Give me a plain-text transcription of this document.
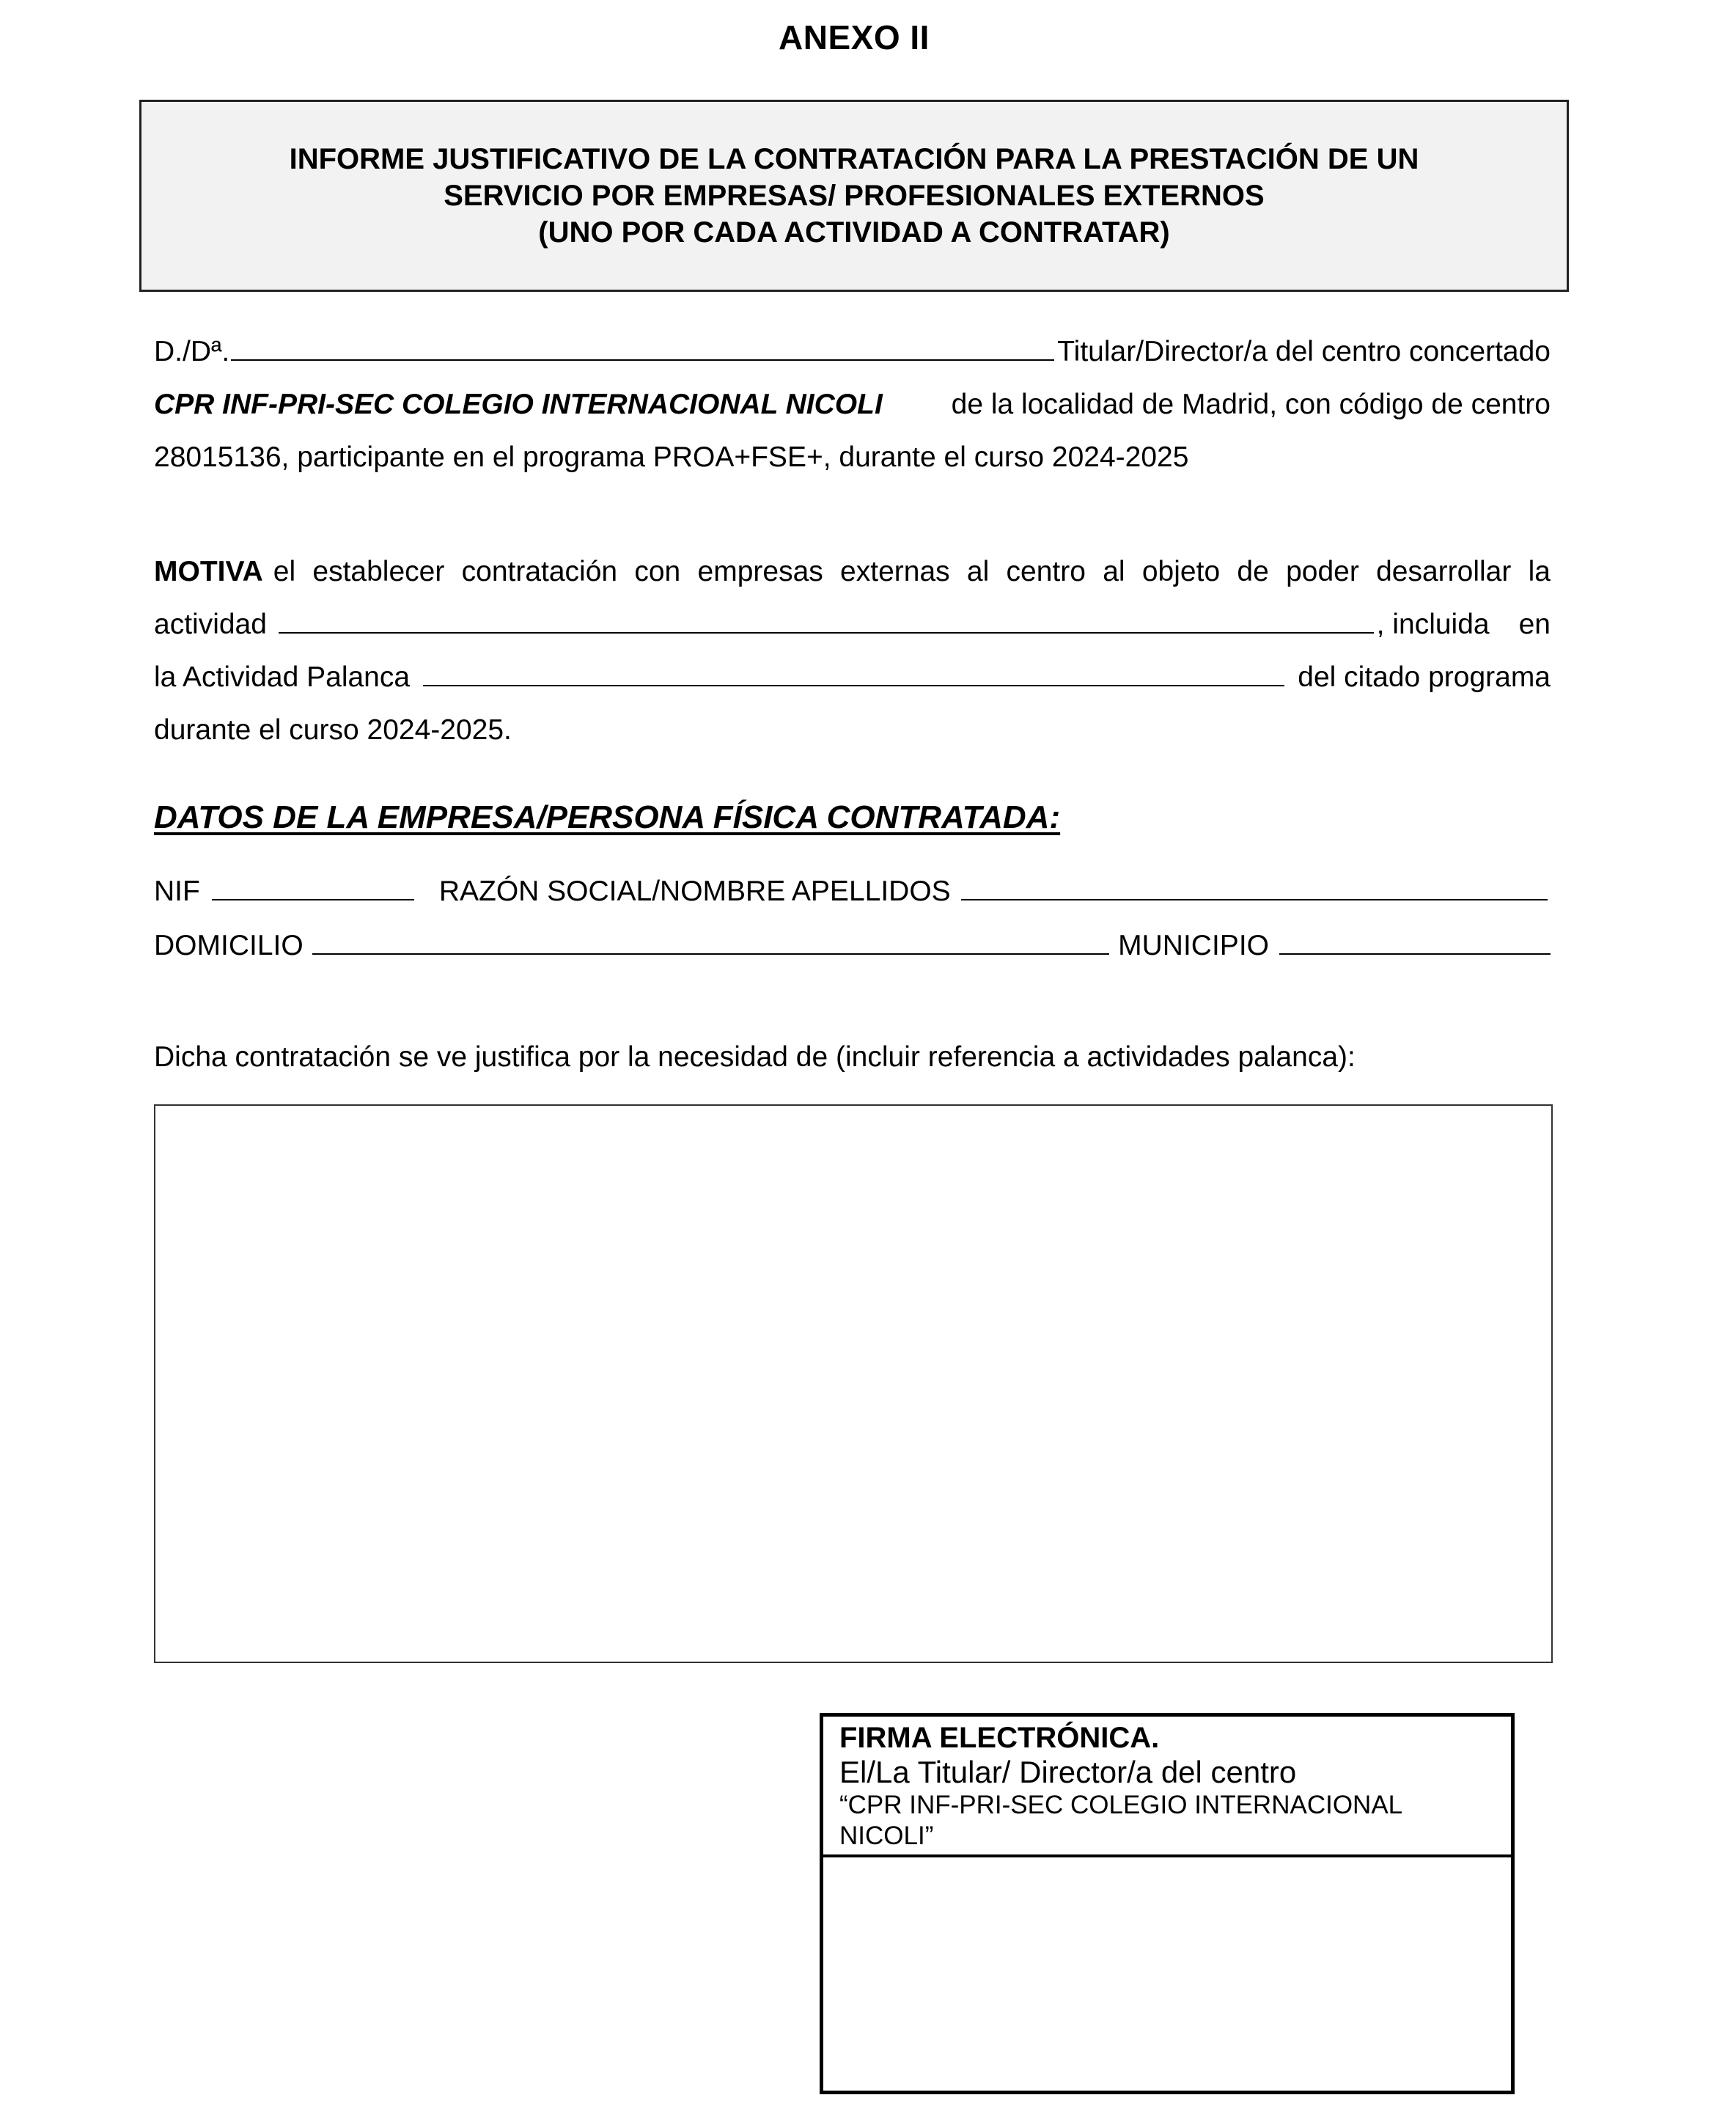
ANEXO II
INFORME JUSTIFICATIVO DE LA CONTRATACIÓN PARA LA PRESTACIÓN DE UN
SERVICIO POR EMPRESAS/ PROFESIONALES EXTERNOS
(UNO POR CADA ACTIVIDAD A CONTRATAR)
D./Dª.	Titular/Director/a del centro concertado
CPR INF-PRI-SEC COLEGIO INTERNACIONAL NICOLI de la localidad de Madrid, con código de centro
28015136, participante en el programa PROA+FSE+, durante el curso 2024-2025
MOTIVA el establecer contratación con empresas externas al centro al objeto de poder desarrollar la
actividad	, incluida en
la Actividad Palanca	del citado programa
durante el curso 2024-2025.
DATOS DE LA EMPRESA/PERSONA FÍSICA CONTRATADA:
NIF	RAZÓN SOCIAL/NOMBRE APELLIDOS
DOMICILIO	MUNICIPIO
Dicha contratación se ve justifica por la necesidad de (incluir referencia a actividades palanca):
FIRMA ELECTRÓNICA.
El/La Titular/ Director/a del centro
“CPR INF-PRI-SEC COLEGIO INTERNACIONAL
NICOLI”
